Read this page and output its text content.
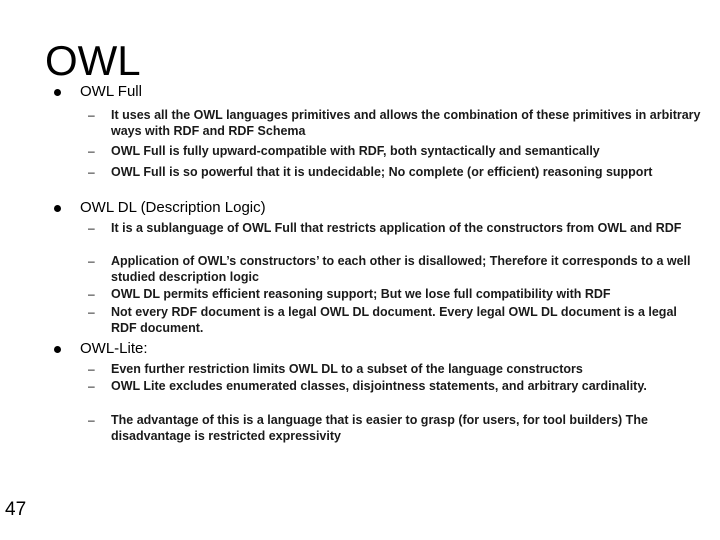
OWL
OWL Full
– It uses all the OWL languages primitives and allows the combination of these primitives in arbitrary ways with RDF and RDF Schema
– OWL Full is fully upward-compatible with RDF, both syntactically and semantically
– OWL Full is so powerful that it is undecidable; No complete (or efficient) reasoning support
OWL DL (Description Logic)
– It is a sublanguage of OWL Full that restricts application of the constructors from OWL and RDF
– Application of OWL’s constructors’ to each other is disallowed; Therefore it corresponds to a well studied description logic
– OWL DL permits efficient reasoning support; But we lose full compatibility with RDF
– Not every RDF document is a legal OWL DL document. Every legal OWL DL document is a legal RDF document.
OWL-Lite:
– Even further restriction limits OWL DL to a subset of the language constructors
– OWL Lite excludes enumerated classes, disjointness statements, and arbitrary cardinality.
– The advantage of this is a language that is easier to grasp (for users, for tool builders) The disadvantage is restricted expressivity
47
